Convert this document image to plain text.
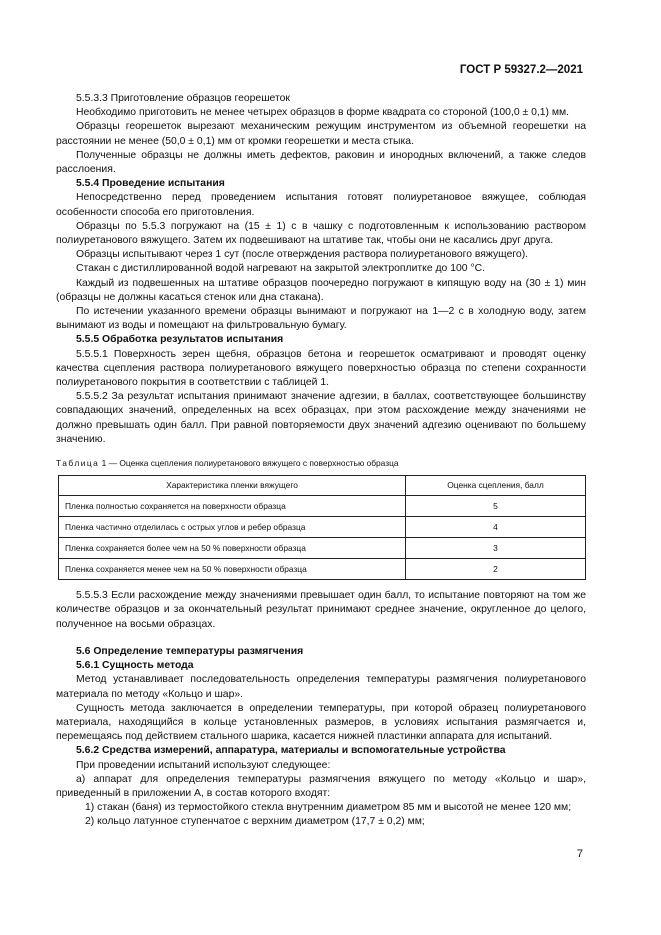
ГОСТ Р 59327.2—2021

5.5.3.3 Приготовление образцов георешеток

Необходимо приготовить не менее четырех образцов в форме квадрата со стороной (100,0 ± 0,1) мм.

Образцы георешеток вырезают механическим режущим инструментом из объемной георешетки на расстоянии не менее (50,0 ± 0,1) мм от кромки георешетки и места стыка.

Полученные образцы не должны иметь дефектов, раковин и инородных включений, а также следов расслоения.

5.5.4 Проведение испытания

Непосредственно перед проведением испытания готовят полиуретановое вяжущее, соблюдая особенности способа его приготовления.

Образцы по 5.5.3 погружают на (15 ± 1) с в чашку с подготовленным к использованию раствором полиуретанового вяжущего. Затем их подвешивают на штативе так, чтобы они не касались друг друга.

Образцы испытывают через 1 сут (после отверждения раствора полиуретанового вяжущего).

Стакан с дистиллированной водой нагревают на закрытой электроплитке до 100 °С.

Каждый из подвешенных на штативе образцов поочередно погружают в кипящую воду на (30 ± 1) мин (образцы не должны касаться стенок или дна стакана).

По истечении указанного времени образцы вынимают и погружают на 1—2 с в холодную воду, затем вынимают из воды и помещают на фильтровальную бумагу.

5.5.5 Обработка результатов испытания

5.5.5.1 Поверхность зерен щебня, образцов бетона и георешеток осматривают и проводят оценку качества сцепления раствора полиуретанового вяжущего поверхностью образца по степени сохранности полиуретанового покрытия в соответствии с таблицей 1.

5.5.5.2 За результат испытания принимают значение адгезии, в баллах, соответствующее большинству совпадающих значений, определенных на всех образцах, при этом расхождение между значениями не должно превышать один балл. При равной повторяемости двух значений адгезию оценивают по большему значению.

Таблица 1 — Оценка сцепления полиуретанового вяжущего с поверхностью образца

Характеристика пленки вяжущего	Оценка сцепления, балл
Пленка полностью сохраняется на поверхности образца	5
Пленка частично отделилась с острых углов и ребер образца	4
Пленка сохраняется более чем на 50 % поверхности образца	3
Пленка сохраняется менее чем на 50 % поверхности образца	2

5.5.5.3 Если расхождение между значениями превышает один балл, то испытание повторяют на том же количестве образцов и за окончательный результат принимают среднее значение, округленное до целого, полученное на восьми образцах.

5.6 Определение температуры размягчения

5.6.1 Сущность метода

Метод устанавливает последовательность определения температуры размягчения полиуретанового материала по методу «Кольцо и шар».

Сущность метода заключается в определении температуры, при которой образец полиуретанового материала, находящийся в кольце установленных размеров, в условиях испытания размягчается и, перемещаясь под действием стального шарика, касается нижней пластинки аппарата для испытаний.

5.6.2 Средства измерений, аппаратура, материалы и вспомогательные устройства

При проведении испытаний используют следующее:

а) аппарат для определения температуры размягчения вяжущего по методу «Кольцо и шар», приведенный в приложении А, в состав которого входят:

1) стакан (баня) из термостойкого стекла внутренним диаметром 85 мм и высотой не менее 120 мм;

2) кольцо латунное ступенчатое с верхним диаметром (17,7 ± 0,2) мм;

7
